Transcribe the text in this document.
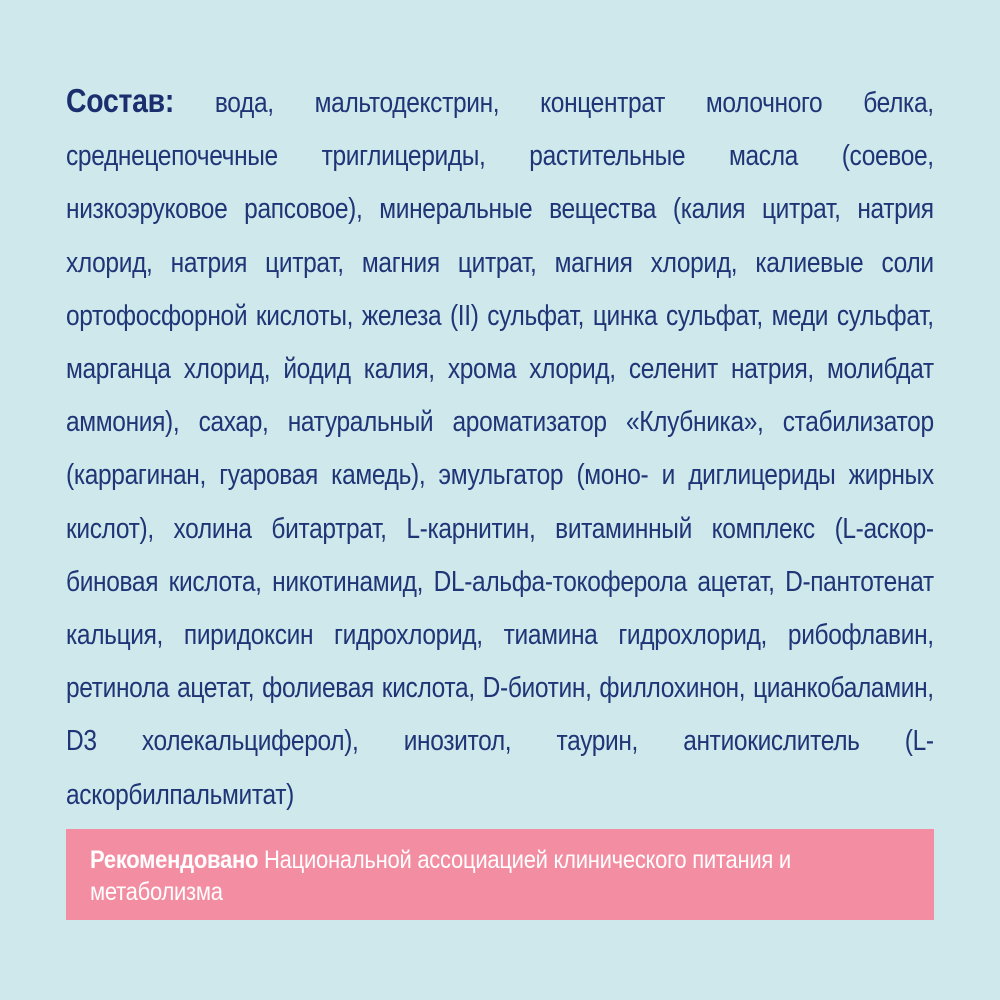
Состав: вода, мальтодекстрин, концентрат молочного белка, среднецепочечные триглицериды, растительные масла (соевое, низкоэруковое рапсовое), минеральные вещества (калия цитрат, натрия хлорид, натрия цитрат, магния цитрат, магния хлорид, калиевые соли ортофосфорной кислоты, железа (II) сульфат, цинка сульфат, меди сульфат, марганца хлорид, йодид калия, хрома хлорид, селенит натрия, молибдат аммония), сахар, натуральный ароматизатор «Клубника», стабилизатор (каррагинан, гуаровая камедь), эмульгатор (моно- и диглицериды жирных кислот), холина битартрат, L-карнитин, витаминный комплекс (L-аскор- биновая кислота, никотинамид, DL-альфа-токоферола ацетат, D-пантотенат кальция, пиридоксин гидрохлорид, тиамина гидрохлорид, рибофлавин, ретинола ацетат, фолиевая кислота, D-биотин, филлохинон, цианкобаламин, D3 холекальциферол), инозитол, таурин, антиокислитель (L-аскорбилпальмитат)

Рекомендовано Национальной ассоциацией клинического питания и метаболизма
